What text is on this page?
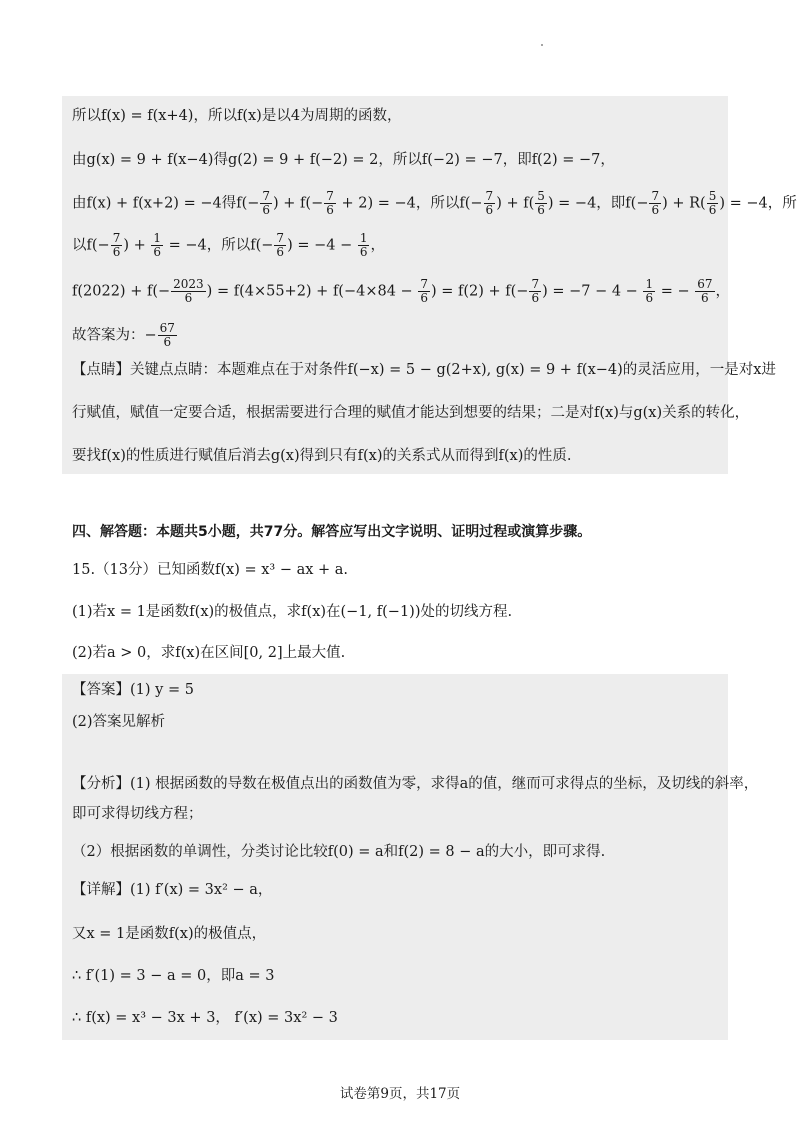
所以f(x) = f(x+4)，所以f(x)是以4为周期的函数，
由g(x) = 9 + f(x−4)得g(2) = 9 + f(−2) = 2，所以f(−2) = −7，即f(2) = −7，
由f(x) + f(x+2) = −4得$f(- \frac{7}{6}$ ) + $f(- \frac{7}{6} + 2) = -4$，所以$f(- \frac{7}{6}$ ) + $f( \frac{5}{6}$ ) = −4，即$f(- \frac{7}{6}$ ) + $R( \frac{5}{6}$ ) = −4，所
以$f(- \frac{7}{6}$ ) + $\frac{1}{6} = -4$，所以$f(- \frac{7}{6}$ ) = $-4 - \frac{1}{6}$ ，
$f(2022) + f(- \frac{2023}{6}$ ) = $f(4\times 55+2) + f(-4\times 84 - \frac{7}{6}$ ) = $f(2) + f(- \frac{7}{6}$ ) = $-7 - 4 - \frac{1}{6}$ = − $\frac{67}{6}$ ，
故答案为：− $\frac{67}{6}$
【点睛】关键点点睛：本题难点在于对条件f(−x) = 5 − g(2+x), g(x) = 9 + f(x−4)的灵活应用，一是对x进
行赋值，赋值一定要合适，根据需要进行合理的赋值才能达到想要的结果；二是对f(x)与g(x)关系的转化，
要找f(x)的性质进行赋值后消去g(x)得到只有f(x)的关系式从而得到f(x)的性质.
四、解答题：本题共5小题，共77分。解答应写出文字说明、证明过程或演算步骤。
15.（13分）已知函数f(x) = x³ − ax + a.
(1)若x = 1是函数f(x)的极值点，求f(x)在(−1, f(−1))处的切线方程.
(2)若a > 0，求f(x)在区间[0, 2]上最大值.
【答案】(1) y = 5
(2)答案见解析
【分析】(1) 根据函数的导数在极值点出的函数值为零，求得a的值，继而可求得点的坐标，及切线的斜率，
即可求得切线方程；
（2）根据函数的单调性，分类讨论比较f(0) = a和f(2) = 8 − a的大小，即可求得.
【详解】(1) f′(x) = 3x² − a，
又x = 1是函数f(x)的极值点，
∴ f′(1) = 3 − a = 0，即a = 3
∴ f(x) = x³ − 3x + 3， f′(x) = 3x² − 3
试卷第9页，共17页
